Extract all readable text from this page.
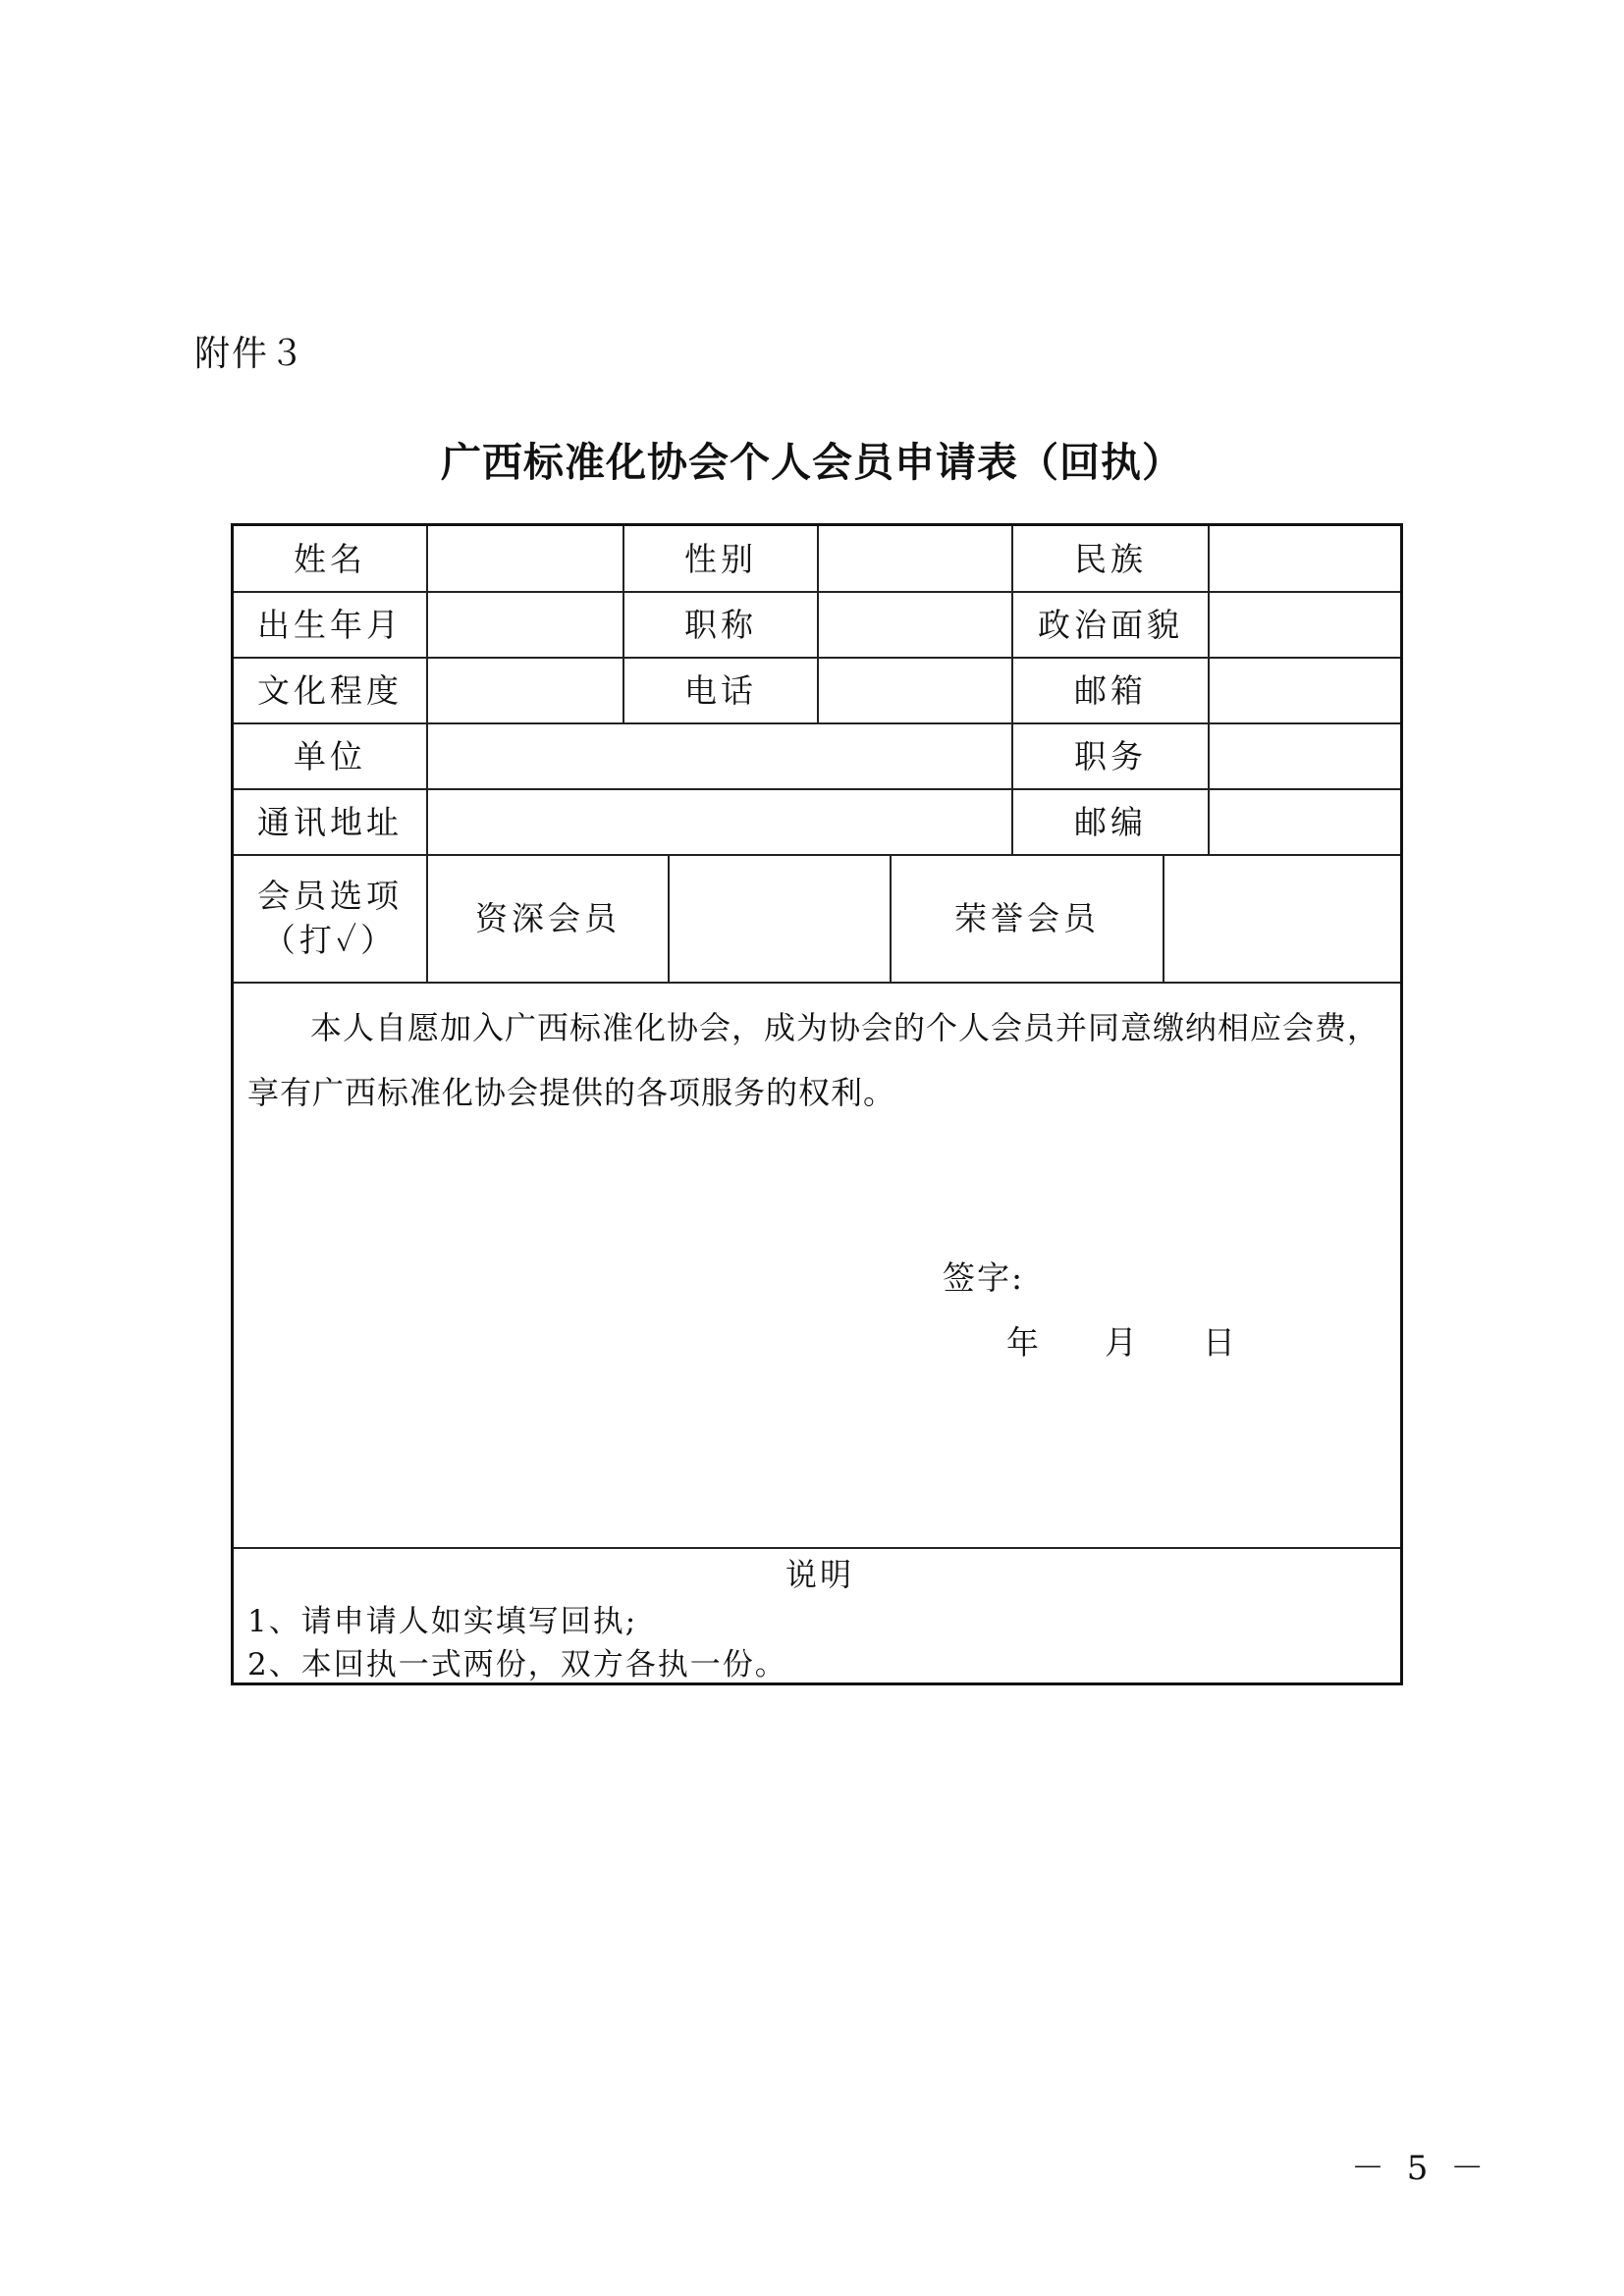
附件３
广西标准化协会个人会员申请表（回执）
姓名	性别	民族
出生年月	职称	政治面貌
文化程度	电话	邮箱
单位	职务
通讯地址	邮编
会员选项
（打✓）
资深会员	荣誉会员
本人自愿加入广西标准化协会，成为协会的个人会员并同意缴纳相应会费，享有广西标准化协会提供的各项服务的权利。
签字:
年 月 日
说明
1、请申请人如实填写回执;
2、本回执一式两份，双方各执一份。
－ 5 －
